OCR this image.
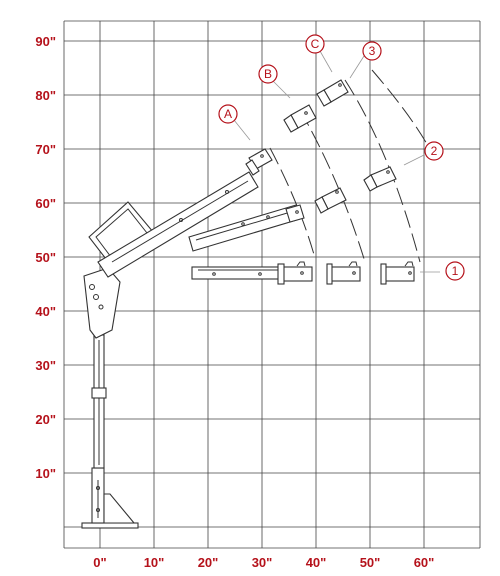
90"
80"
70"
60"
50"
40"
30"
20"
10"
0"	10"	20"	30"	40"	50"	60"
1
2
3
A
B
C
